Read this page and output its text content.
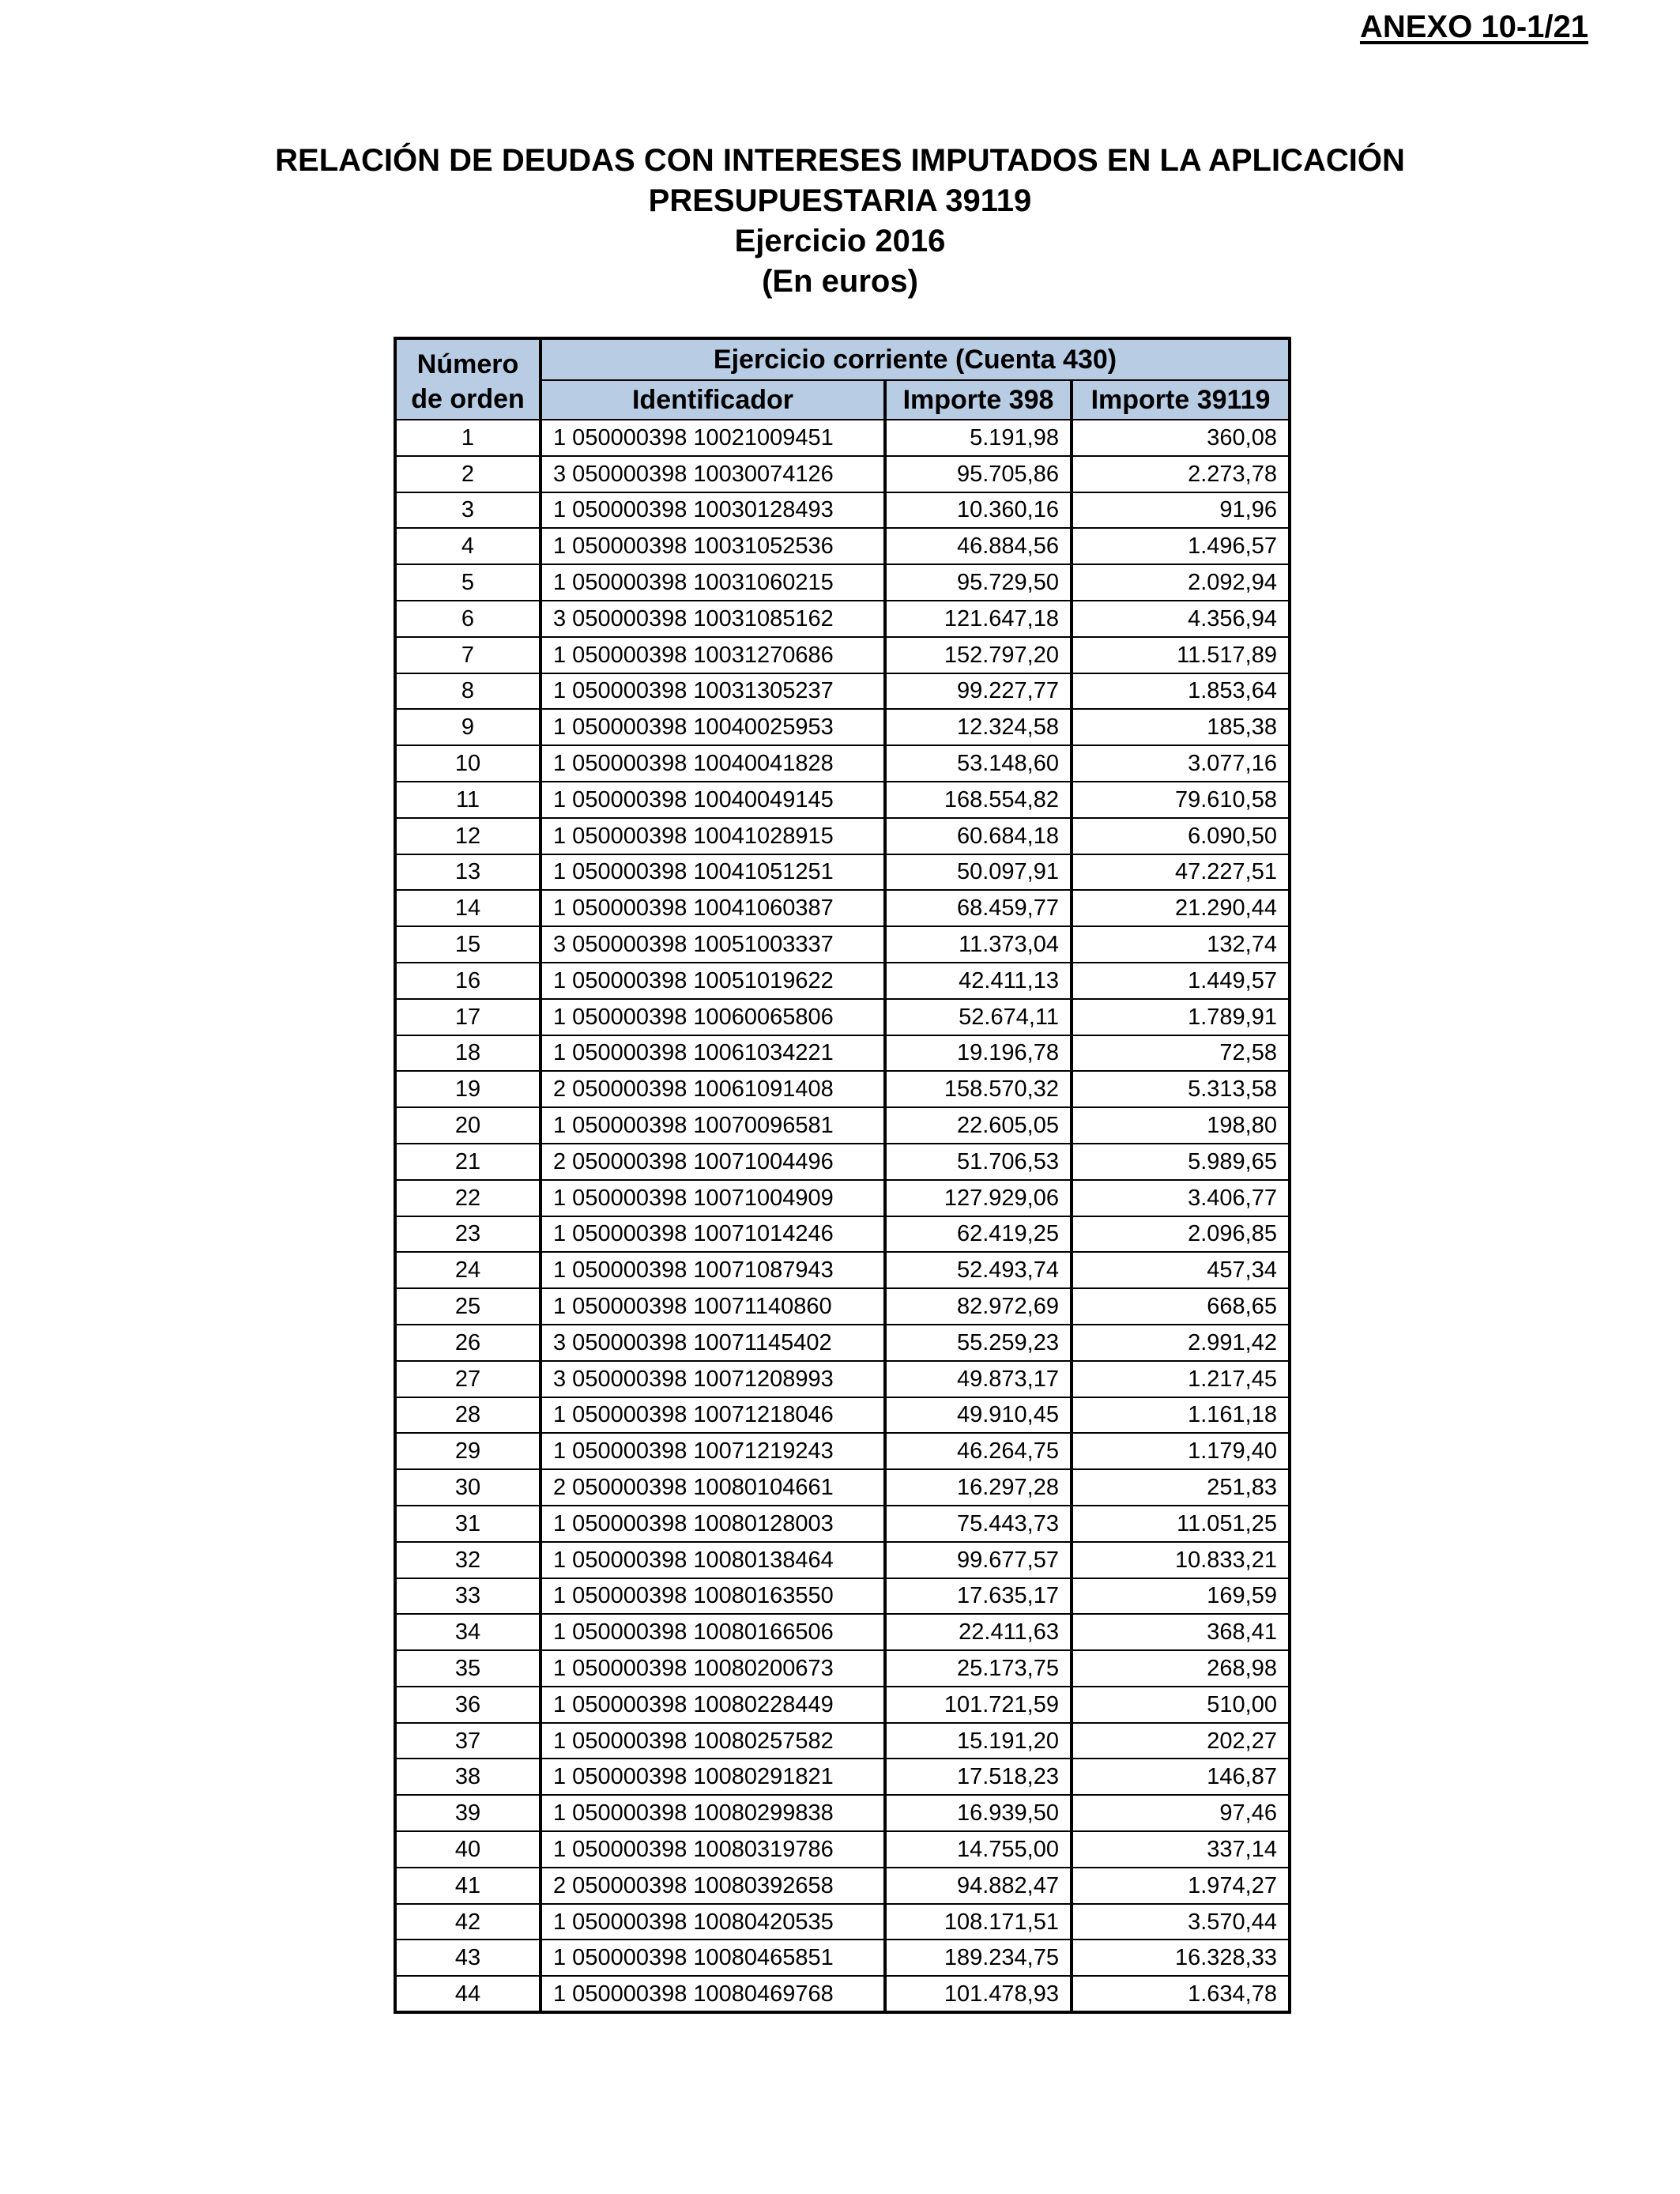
ANEXO 10-1/21
RELACIÓN DE DEUDAS CON INTERESES IMPUTADOS EN LA APLICACIÓN
PRESUPUESTARIA 39119
Ejercicio 2016
(En euros)
Número
de orden	Ejercicio corriente (Cuenta 430)		
	Identificador	Importe 398	Importe 39119
1	1 050000398 10021009451	5.191,98	360,08
2	3 050000398 10030074126	95.705,86	2.273,78
3	1 050000398 10030128493	10.360,16	91,96
4	1 050000398 10031052536	46.884,56	1.496,57
5	1 050000398 10031060215	95.729,50	2.092,94
6	3 050000398 10031085162	121.647,18	4.356,94
7	1 050000398 10031270686	152.797,20	11.517,89
8	1 050000398 10031305237	99.227,77	1.853,64
9	1 050000398 10040025953	12.324,58	185,38
10	1 050000398 10040041828	53.148,60	3.077,16
11	1 050000398 10040049145	168.554,82	79.610,58
12	1 050000398 10041028915	60.684,18	6.090,50
13	1 050000398 10041051251	50.097,91	47.227,51
14	1 050000398 10041060387	68.459,77	21.290,44
15	3 050000398 10051003337	11.373,04	132,74
16	1 050000398 10051019622	42.411,13	1.449,57
17	1 050000398 10060065806	52.674,11	1.789,91
18	1 050000398 10061034221	19.196,78	72,58
19	2 050000398 10061091408	158.570,32	5.313,58
20	1 050000398 10070096581	22.605,05	198,80
21	2 050000398 10071004496	51.706,53	5.989,65
22	1 050000398 10071004909	127.929,06	3.406,77
23	1 050000398 10071014246	62.419,25	2.096,85
24	1 050000398 10071087943	52.493,74	457,34
25	1 050000398 10071140860	82.972,69	668,65
26	3 050000398 10071145402	55.259,23	2.991,42
27	3 050000398 10071208993	49.873,17	1.217,45
28	1 050000398 10071218046	49.910,45	1.161,18
29	1 050000398 10071219243	46.264,75	1.179,40
30	2 050000398 10080104661	16.297,28	251,83
31	1 050000398 10080128003	75.443,73	11.051,25
32	1 050000398 10080138464	99.677,57	10.833,21
33	1 050000398 10080163550	17.635,17	169,59
34	1 050000398 10080166506	22.411,63	368,41
35	1 050000398 10080200673	25.173,75	268,98
36	1 050000398 10080228449	101.721,59	510,00
37	1 050000398 10080257582	15.191,20	202,27
38	1 050000398 10080291821	17.518,23	146,87
39	1 050000398 10080299838	16.939,50	97,46
40	1 050000398 10080319786	14.755,00	337,14
41	2 050000398 10080392658	94.882,47	1.974,27
42	1 050000398 10080420535	108.171,51	3.570,44
43	1 050000398 10080465851	189.234,75	16.328,33
44	1 050000398 10080469768	101.478,93	1.634,78
